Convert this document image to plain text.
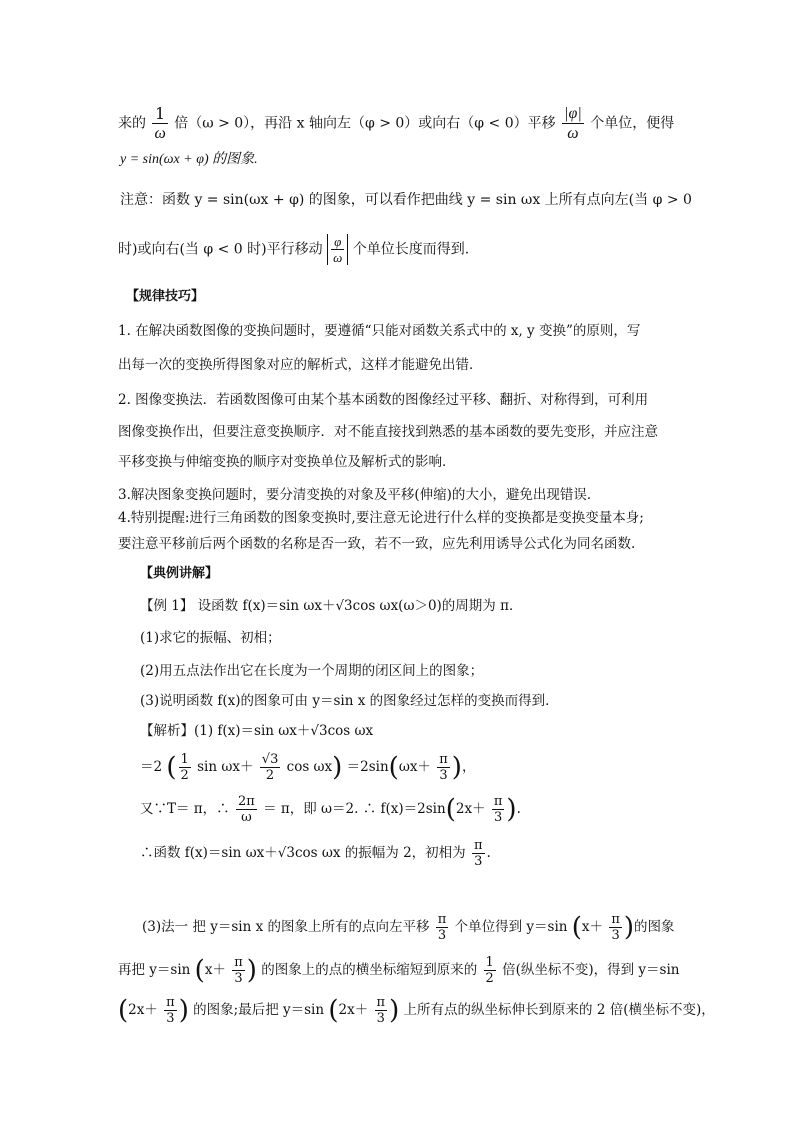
来的 $\frac{1}{\omega}$ 倍（ω > 0），再沿 x 轴向左（φ > 0）或向右（φ < 0）平移 $\frac{|\varphi|}{\omega}$ 个单位，便得
y = sin(ωx + φ) 的图象.
注意：函数 y = sin(ωx + φ) 的图象，可以看作把曲线 y = sin ωx 上所有点向左(当 φ > 0
时)或向右(当 φ < 0 时)平行移动 $\frac{\varphi}{\omega}$ 个单位长度而得到.
【规律技巧】
1. 在解决函数图像的变换问题时，要遵循“只能对函数关系式中的 x, y 变换”的原则，写
出每一次的变换所得图象对应的解析式，这样才能避免出错．
2. 图像变换法．若函数图像可由某个基本函数的图像经过平移、翻折、对称得到，可利用
图像变换作出，但要注意变换顺序．对不能直接找到熟悉的基本函数的要先变形，并应注意
平移变换与伸缩变换的顺序对变换单位及解析式的影响．
3.解决图象变换问题时，要分清变换的对象及平移(伸缩)的大小，避免出现错误．
4.特别提醒:进行三角函数的图象变换时,要注意无论进行什么样的变换都是变换变量本身;
要注意平移前后两个函数的名称是否一致，若不一致，应先利用诱导公式化为同名函数.
【典例讲解】
【例 1】 设函数 f(x)＝sin ωx＋√3cos ωx(ω＞0)的周期为 π．
(1)求它的振幅、初相；
(2)用五点法作出它在长度为一个周期的闭区间上的图象；
(3)说明函数 f(x)的图象可由 y＝sin x 的图象经过怎样的变换而得到．
【解析】(1) f(x)＝sin ωx＋√3cos ωx
＝2 ( $\frac{1}{2}$ $\sin \omega x+ \frac{√3}{2}$ $\cos \omega x) =2\sin(\omega x+ \frac{\pi}{3}$ )，
又∵T＝ π，∴ $\frac{2\pi}{\omega} = \pi$，即 ω＝2. ∴ $f(x)=2\sin(2x+ \frac{\pi}{3}$ ).
∴函数 f(x)＝sin ωx＋√3cos ωx 的振幅为 2，初相为 $\frac{\pi}{3}$ .
(3)法一 把 y＝sin x 的图象上所有的点向左平移 $\frac{\pi}{3}$ 个单位得到 y＝sin ($x+ \frac{\pi}{3}$ )的图象
再把 y＝sin ($x+ \frac{\pi}{3}$ ) 的图象上的点的横坐标缩短到原来的 $\frac{1}{2}$ 倍(纵坐标不变)，得到 y＝sin
($2x+ \frac{\pi}{3}$ ) 的图象;最后把 y＝sin ($2x+ \frac{\pi}{3}$ ) 上所有点的纵坐标伸长到原来的 2 倍(横坐标不变)，
